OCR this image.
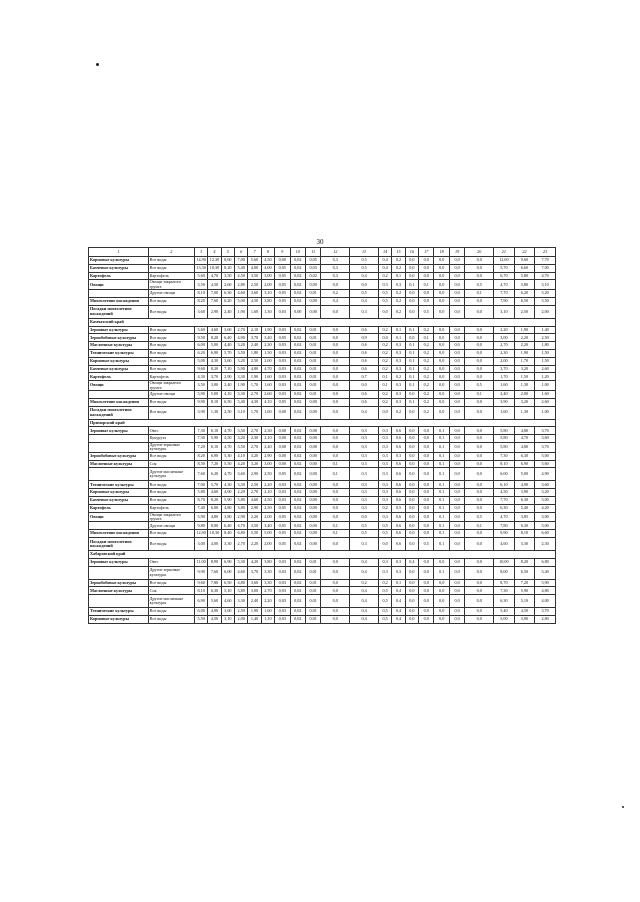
30
1	2	3	4	5	6	7	8	9	10	11	12	13	14	15	16	17	18	19	20	21	22	23
Кормовые культуры	Все виды	14,90	12,30	8,60	7,00	5,60	4,50	0,00	0,02	0,05	0,3	0,5	0,4	0,2	0,0	0,0	0,0	0,0	0,0	12,60	9,60	7,70
Бахчевые культуры	Все виды	13,30	10,30	8,20	5,40	4,00	4,00	0,05	0,02	0,03	0,3	0,5	0,4	0,2	0,0	0,0	0,0	0,0	0,0	5,70	6,60	7,00
Картофель	Картофель	5,60	4,70	3,50	4,50	3,50	3,00	0,05	0,02	0,02	0,3	0,4	0,2	0,1	0,0	0,0	0,0	0,0	0,0	6,70	5,80	4,70
Овощи	Овощи закрытого грунта	3,50	4,50	2,60	2,80	2,50	2,00	0,05	0,02	0,00	0,0	0,0	0,3	0,3	0,1	0,1	0,0	0,0	0,5	4,70	3,80	3,10
	Другие овощи	8,10	7,00	6,30	4,60	3,60	3,10	0,05	0,02	0,01	0,2	0,5	0,5	0,2	0,0	0,0	0,0	0,0	0,1	7,70	6,20	5,20
Многолетние насаждения	Все виды	8,20	7,60	6,20	5,00	4,50	3,80	0,05	0,02	0,00	0,4	0,4	0,5	0,2	0,0	0,0	0,0	0,0	0,0	7,90	6,50	5,50
Посадки многолетних насаждений	Все виды	3,60	2,90	2,40	1,90	1,60	1,30	0,03	0,00	0,00	0,0	0,3	0,0	0,2	0,0	0,5	0,0	0,0	0,0	3,10	2,50	2,00
Камчатский край																						
Зерновые культуры	Все виды	5,60	4,60	3,60	2,70	2,10	1,90	0,03	0,02	0,01	0,0	0,6	0,2	0,1	0,1	0,2	0,0	0,0	0,0	2,20	1,90	1,40
Зернобобовые культуры	Все виды	9,50	8,20	6,40	4,90	3,70	3,40	0,05	0,02	0,01	0,0	0,9	0,0	0,1	0,0	0,1	0,0	0,0	0,0	3,00	2,20	2,50
Масличные культуры	Все виды	6,00	5,00	4,40	3,20	2,40	2,30	0,03	0,02	0,01	0,0	0,6	0,2	0,3	0,1	0,2	0,0	0,0	0,0	2,70	2,20	1,80
Технические культуры	Все виды	6,20	6,90	5,70	3,50	1,80	1,50	0,03	0,02	0,01	0,0	0,6	0,2	0,3	0,1	0,2	0,0	0,0	0,0	2,30	1,90	1,50
Кормовые культуры	Все виды	5,00	4,30	3,60	3,20	2,50	2,00	0,03	0,02	0,01	0,0	0,6	0,2	0,3	0,1	0,2	0,0	0,0	0,0	2,00	1,70	1,50
Бахчевые культуры	Все виды	9,60	8,20	7,10	5,90	4,80	4,70	0,03	0,02	0,01	0,0	0,6	0,2	0,3	0,1	0,2	0,0	0,0	0,0	3,70	3,20	2,60
Картофель	Картофель	4,30	3,70	2,90	3,30	1,90	1,60	0,03	0,02	0,01	0,0	0,7	0,1	0,2	0,1	0,2	0,0	0,0	0,0	1,70	1,50	1,20
Овощи	Овощи закрытого грунта	3,50	3,00	2,40	1,90	1,70	1,60	0,03	0,02	0,01	0,0	0,0	0,1	0,3	0,1	0,2	0,0	0,0	0,5	1,60	1,30	1,00
	Другие овощи	5,90	5,00	4,10	3,30	2,70	2,60	0,03	0,02	0,01	0,0	0,6	0,2	0,3	0,0	0,2	0,0	0,0	0,1	2,40	2,00	1,60
Многолетние насаждения	Все виды	9,90	8,10	6,50	5,40	4,30	4,10	0,05	0,02	0,00	0,0	0,6	0,2	0,3	0,1	0,2	0,0	0,0	0,0	3,90	3,20	2,60
Посадки многолетних насаждений	Все виды	3,90	1,30	2,50	3,10	1,70	1,60	0,00	0,02	0,00	0,0	0,4	0,0	0,2	0,0	0,2	0,0	0,0	0,0	1,60	1,30	1,00
Приморский край																						
Зерновые культуры	Овес	7,30	6,10	4,70	3,50	2,70	2,30	0,00	0,02	0,00	0,0	0,3	0,3	0,6	0,0	0,0	0,1	0,0	0,0	5,80	4,80	3,70
	Кукуруза	7,30	5,90	4,50	3,20	2,30	2,10	0,00	0,02	0,00	0,0	0,3	0,3	0,6	0,0	0,0	0,1	0,0	0,0	5,80	4,70	3,60
	Другие зерновые культуры	7,20	6,10	4,70	3,50	2,70	2,40	0,00	0,02	0,00	0,0	0,3	0,3	0,6	0,0	0,0	0,1	0,0	0,0	5,80	4,80	3,70
Зернобобовые культуры	Все виды	8,20	6,90	5,30	4,10	3,20	2,90	0,00	0,02	0,00	0,0	0,3	0,3	0,3	0,0	0,0	0,1	0,0	0,0	7,30	6,30	5,00
Масличные культуры	Соя	8,50	7,20	5,50	4,20	3,20	3,00	0,00	0,02	0,00	0,1	0,3	0,3	0,6	0,0	0,0	0,1	0,0	0,0	8,10	6,90	5,60
	Другие масличные культуры	7,60	6,20	4,70	3,60	2,90	2,50	0,05	0,02	0,00	0,1	0,3	0,3	0,6	0,0	0,0	0,1	0,0	0,0	6,00	5,00	4,90
Технические культуры	Все виды	7,00	5,70	4,30	3,30	2,50	2,20	0,03	0,02	0,00	0,0	0,3	0,3	0,6	0,0	0,0	0,1	0,0	0,0	6,10	4,90	3,60
Кормовые культуры	Все виды	5,80	4,60	4,00	2,20	2,70	2,10	0,03	0,02	0,00	0,0	0,3	0,3	0,6	0,0	0,0	0,1	0,0	0,0	4,50	3,90	3,20
Бахчевые культуры	Все виды	8,70	8,20	5,90	5,80	4,60	4,50	0,03	0,02	0,00	0,0	0,3	0,3	0,6	0,0	0,0	0,1	0,0	0,0	7,70	6,30	5,00
Картофель	Картофель	7,40	6,00	4,80	3,80	2,90	2,50	0,05	0,02	0,00	0,0	0,3	0,2	0,5	0,0	0,0	0,1	0,0	0,0	6,30	5,40	4,20
Овощи	Овощи закрытого грунта	5,90	4,80	3,80	2,90	2,20	2,00	0,05	0,02	0,00	0,0	0,0	0,3	0,6	0,0	0,0	0,1	0,0	0,5	4,70	3,85	3,00
	Другие овощи	9,80	8,00	6,40	4,70	3,50	3,40	0,05	0,02	0,00	0,1	0,5	0,5	0,6	0,0	0,0	0,1	0,0	0,1	7,80	6,30	5,00
Многолетние насаждения	Все виды	12,00	10,30	8,40	6,80	5,50	5,00	0,05	0,02	0,00	0,1	0,5	0,5	0,6	0,0	0,0	0,1	0,0	0,0	9,90	8,10	6,60
Посадки многолетних насаждений	Все виды	3,00	4,00	3,30	2,70	2,20	2,00	0,05	0,02	0,00	0,0	0,3	0,0	0,6	0,0	0,5	0,1	0,0	0,0	4,60	3,30	2,30
Хабаровский край																						
Зерновые культуры	Овес	11,00	8,90	6,90	5,30	4,20	3,80	0,03	0,02	0,01	0,0	0,4	0,3	0,3	0,4	0,0	0,0	0,0	0,0	10,00	8,20	6,80
	Другие зерновые культуры	9,90	7,60	6,00	4,60	3,70	3,30	0,03	0,02	0,01	0,0	0,4	0,3	0,3	0,0	0,0	0,1	0,0	0,0	8,00	6,50	5,40
Зернобобовые культуры	Все виды	9,60	7,80	6,50	4,80	3,60	3,30	0,03	0,02	0,01	0,0	0,2	0,2	0,1	0,0	0,0	0,0	0,0	0,0	8,70	7,20	5,90
Масличные культуры	Соя	8,10	6,30	5,10	3,80	3,00	2,70	0,03	0,02	0,01	0,0	0,4	0,5	0,4	0,0	0,0	0,0	0,0	0,0	7,30	5,90	4,80
	Другие масличные культуры	6,90	5,60	4,60	3,30	2,40	2,20	0,03	0,02	0,01	0,0	0,4	0,5	0,4	0,0	0,0	0,0	0,0	0,0	6,30	5,10	4,00
Технические культуры	Все виды	6,00	4,90	3,60	2,50	1,90	1,60	0,03	0,02	0,01	0,0	0,4	0,5	0,4	0,0	0,0	0,0	0,0	0,0	5,40	4,50	3,70
Кормовые культуры	Все виды	5,50	4,50	3,10	2,00	1,40	1,10	0,03	0,02	0,01	0,0	0,4	0,5	0,4	0,0	0,0	0,0	0,0	0,0	5,00	3,90	2,80
